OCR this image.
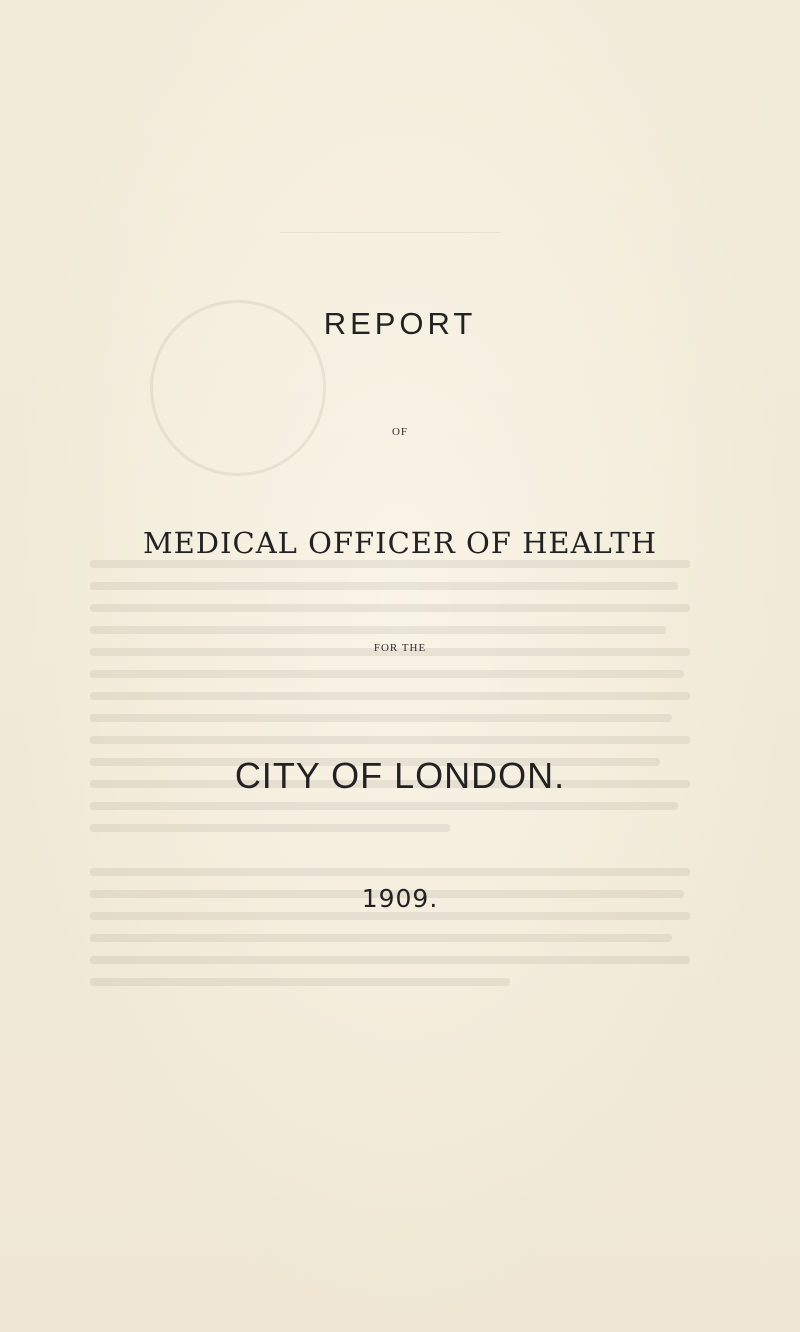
REPORT
OF
MEDICAL OFFICER OF HEALTH
FOR THE
CITY OF LONDON.
1909.
